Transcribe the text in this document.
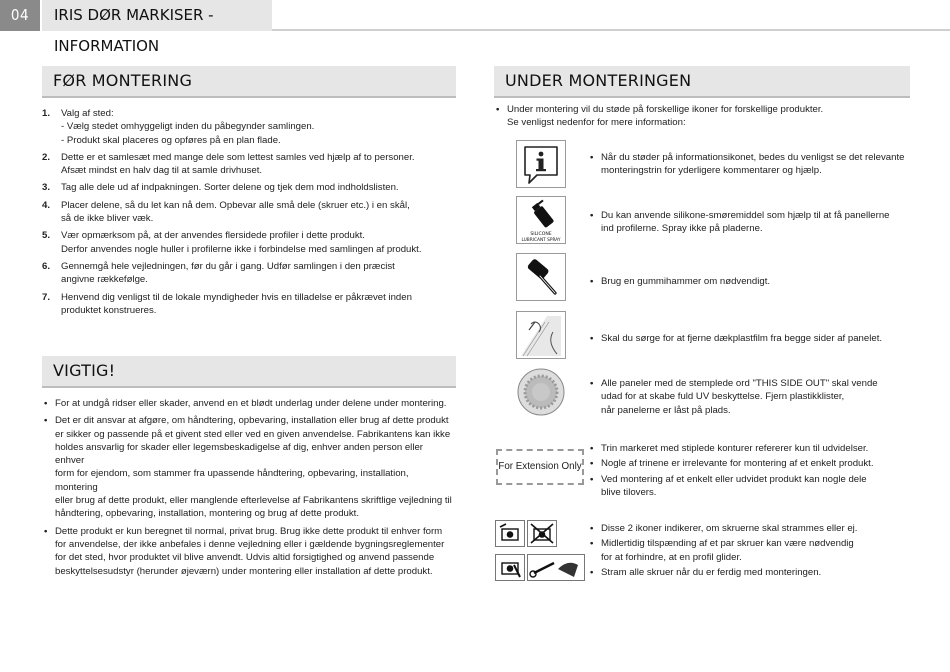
04	IRIS DØR MARKISER - INFORMATION
FØR MONTERING
1. Valg af sted:
- Vælg stedet omhyggeligt inden du påbegynder samlingen.
- Produkt skal placeres og opføres på en plan flade.
2. Dette er et samlesæt med mange dele som lettest samles ved hjælp af to personer.
Afsæt mindst en halv dag til at samle drivhuset.
3. Tag alle dele ud af indpakningen. Sorter delene og tjek dem mod indholdslisten.
4. Placer delene, så du let kan nå dem. Opbevar alle små dele (skruer etc.) i en skål,
så de ikke bliver væk.
5. Vær opmærksom på, at der anvendes flersidede profiler i dette produkt.
Derfor anvendes nogle huller i profilerne ikke i forbindelse med samlingen af produkt.
6. Gennemgå hele vejledningen, før du går i gang. Udfør samlingen i den præcist
angivne rækkefølge.
7. Henvend dig venligst til de lokale myndigheder hvis en tilladelse er påkrævet inden
produktet konstrueres.
VIGTIG!
• For at undgå ridser eller skader, anvend en et blødt underlag under delene under montering.
• Det er dit ansvar at afgøre, om håndtering, opbevaring, installation eller brug af dette produkt
er sikker og passende på et givent sted eller ved en given anvendelse. Fabrikantens kan ikke
holdes ansvarlig for skader eller legemsbeskadigelse af dig, enhver anden person eller enhver
form for ejendom, som stammer fra upassende håndtering, opbevaring, installation, montering
eller brug af dette produkt, eller manglende efterlevelse af Fabrikantens skriftlige vejledning til
håndtering, opbevaring, installation, montering og brug af dette produkt.
• Dette produkt er kun beregnet til normal, privat brug. Brug ikke dette produkt til enhver form
for anvendelse, der ikke anbefales i denne vejledning eller i gældende bygningsreglementer
for det sted, hvor produktet vil blive anvendt. Udvis altid forsigtighed og anvend passende
beskyttelsesudstyr (herunder øjeværn) under montering eller installation af dette produkt.
UNDER MONTERINGEN
• Under montering vil du støde på forskellige ikoner for forskellige produkter.
Se venligst nedenfor for mere information:
• Når du støder på informationsikonet, bedes du venligst se det relevante
monteringstrin for yderligere kommentarer og hjælp.
SILICONE
LUBRICANT SPRAY
• Du kan anvende silikone-smøremiddel som hjælp til at få panellerne
ind profilerne. Spray ikke på pladerne.
• Brug en gummihammer om nødvendigt.
• Skal du sørge for at fjerne dækplastfilm fra begge sider af panelet.
• Alle paneler med de stemplede ord "THIS SIDE OUT" skal vende
udad for at skabe fuld UV beskyttelse. Fjern plastikklister,
når panelerne er låst på plads.
For Extension Only
• Trin markeret med stiplede konturer refererer kun til udvidelser.
• Nogle af trinene er irrelevante for montering af et enkelt produkt.
• Ved montering af et enkelt eller udvidet produkt kan nogle dele
blive tilovers.
• Disse 2 ikoner indikerer, om skruerne skal strammes eller ej.
• Midlertidig tilspænding af et par skruer kan være nødvendig
for at forhindre, at en profil glider.
• Stram alle skruer når du er ferdig med monteringen.
